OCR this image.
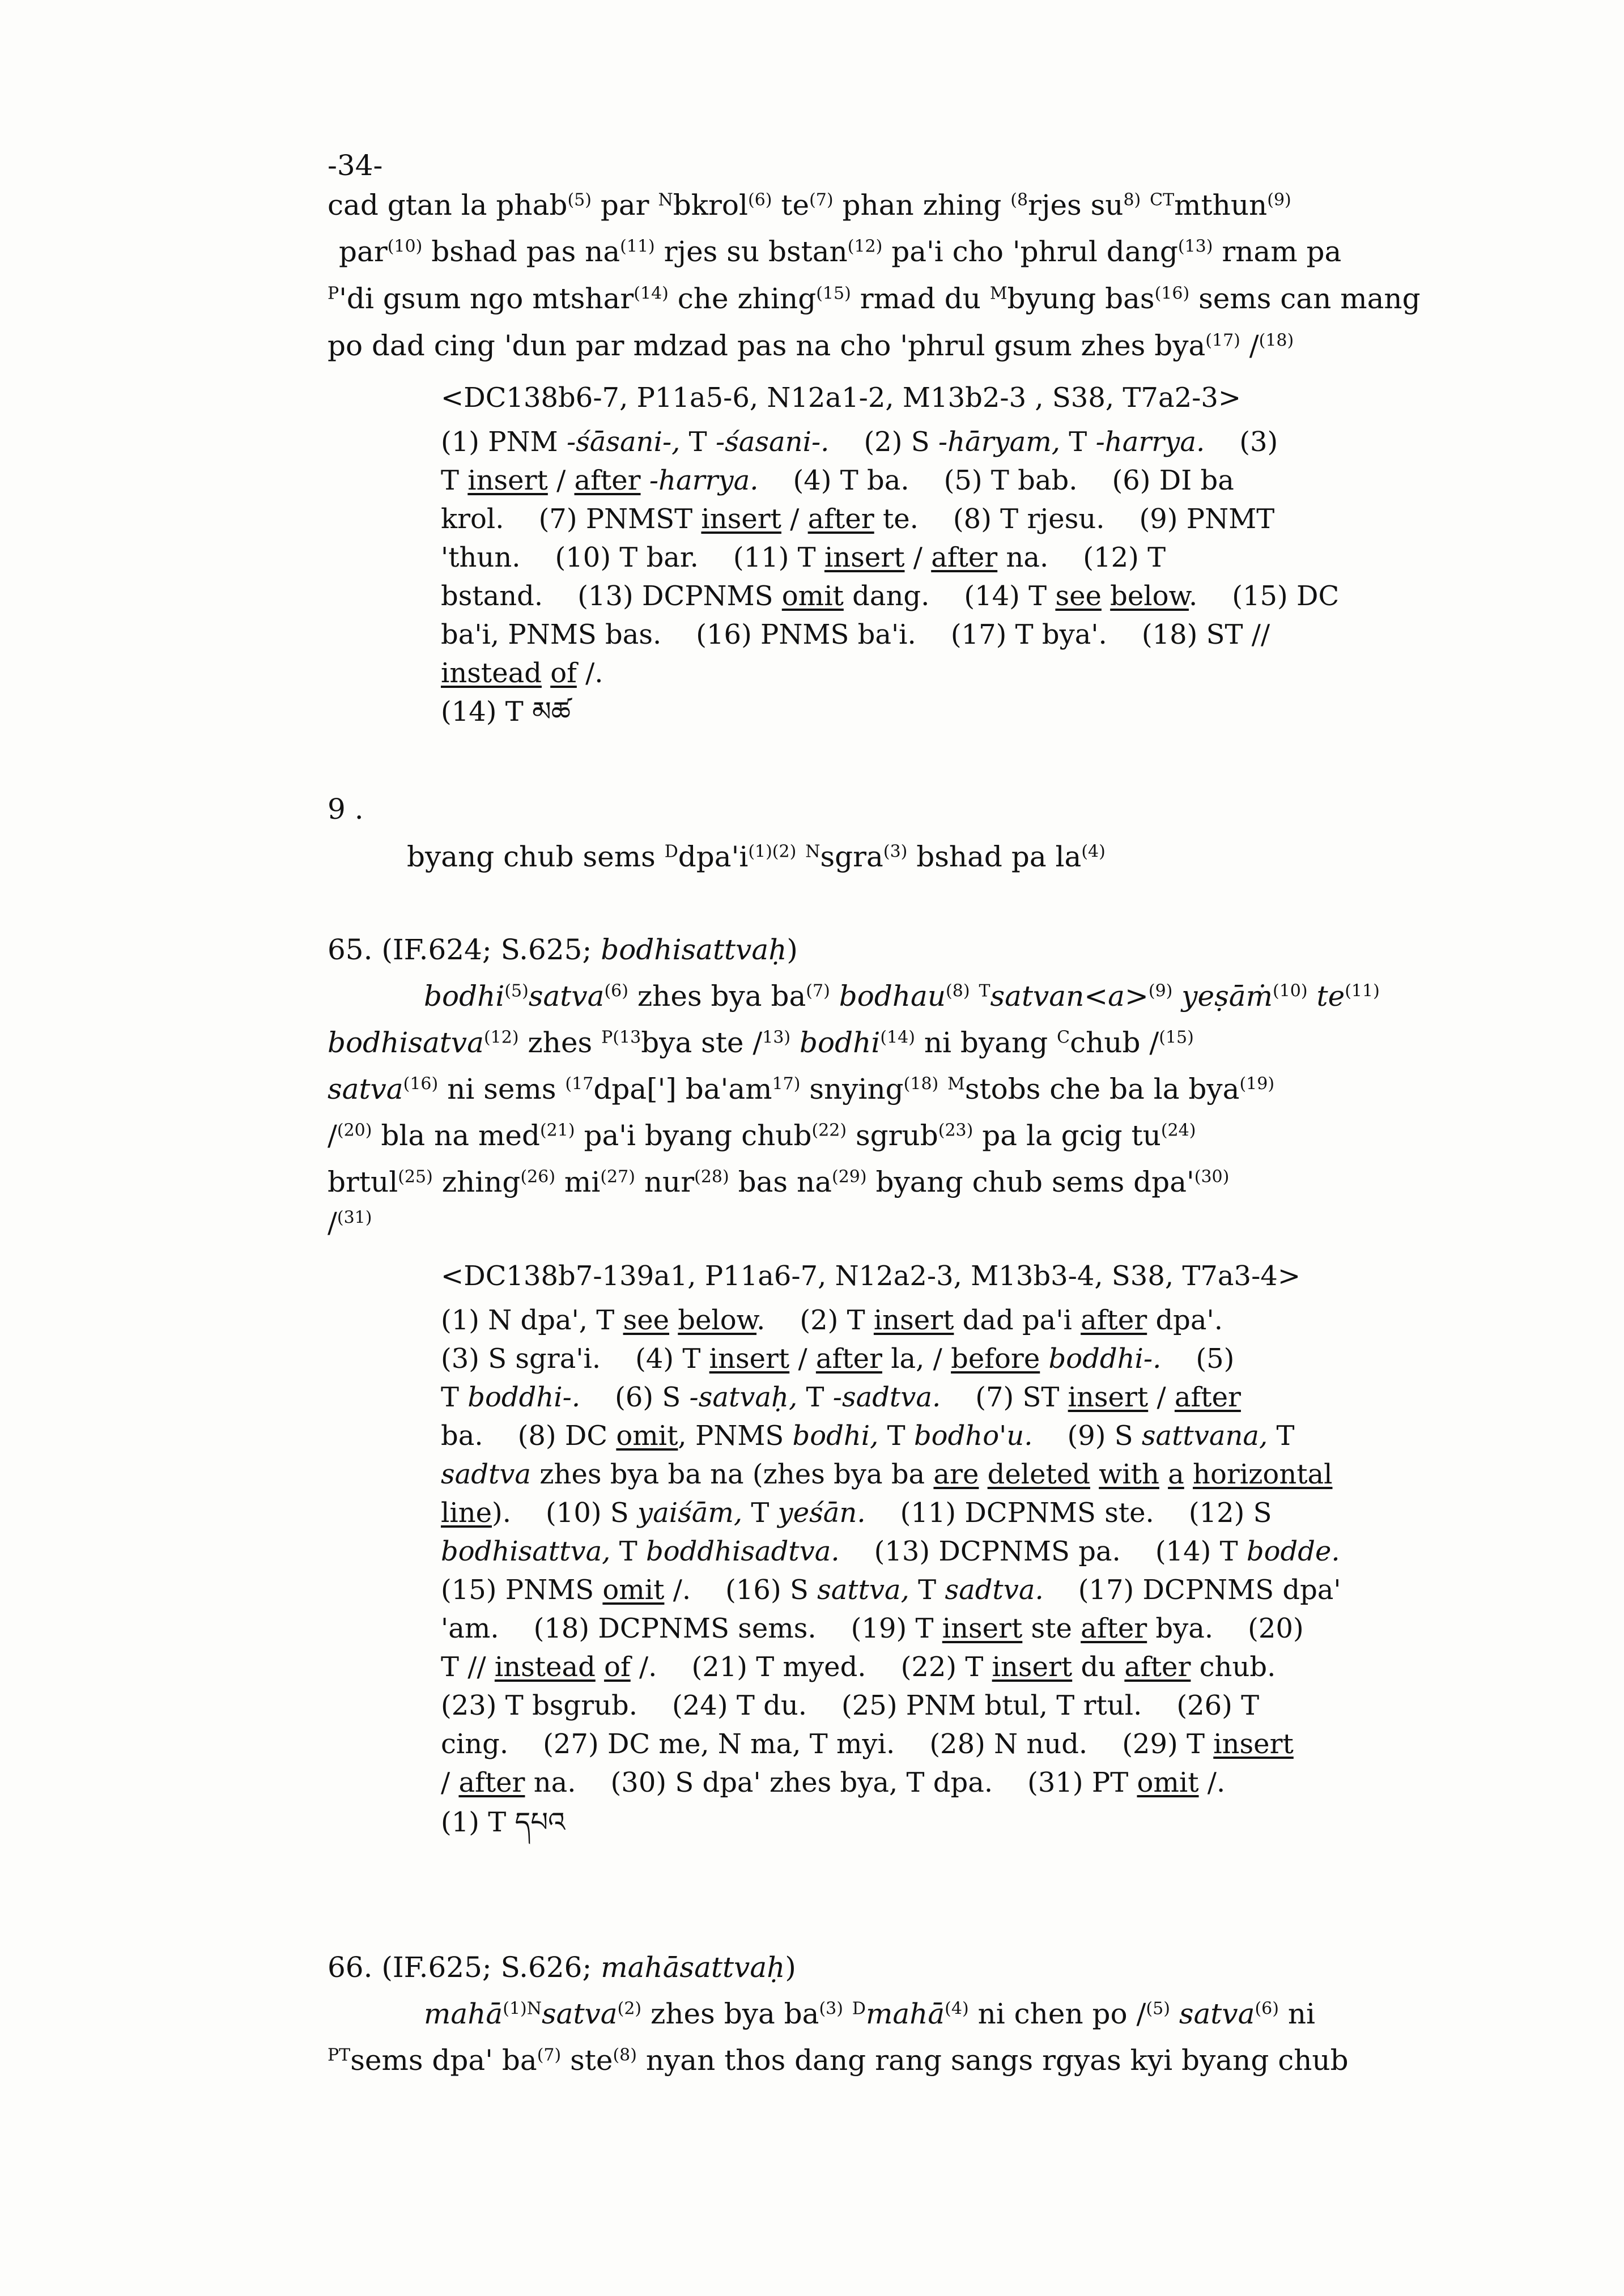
-34-
cad gtan la phab$^{(5)}$ par $^N$bkrol$^{(6)}$ $te^{(7)}$ phan zhing $^{(8}$rjes $su^{8)}$ $^{CT}$mthun$^{(9)}$
par$^{(10)}$ bshad pas $na^{(11)}$ rjes su bstan$^{(12)}$ pa'i cho 'phrul dang$^{(13)}$ rnam pa
$^P$'di gsum ngo mtshar$^{(14)}$ che zhing$^{(15)}$ rmad du $^M$byung bas$^{(16)}$ sems can mang
po dad cing 'dun par mdzad pas na cho 'phrul gsum zhes bya$^{(17)}$ /$^{(18)}$
<DC138b6-7, P11a5-6, N12a1-2, M13b2-3 , S38, T7a2-3>
(1) PNM -śāsani-, T -śasani-.    (2) S -hāryam, T -harrya.    (3)
T insert / after -harrya.    (4) T ba.    (5) T bab.    (6) DI ba
krol.    (7) PNMST insert / after te.    (8) T rjesu.    (9) PNMT
'thun.    (10) T bar.    (11) T insert / after na.    (12) T
bstand.    (13) DCPNMS omit dang.    (14) T see below.    (15) DC
ba'i, PNMS bas.    (16) PNMS ba'i.    (17) T bya'.    (18) ST //
instead of /.
(14) T མཚ
9 .
byang chub sems $^Ddpa'i^{(1)(2)}$ $^N$sgra$^{(3)}$ bshad pa $la^{(4)}$
65. (IF.624; S.625; bodhisattvaḥ)
bodhi$^{(5)}$satva$^{(6)}$ zhes bya $ba^{(7)}$ bodhau$^{(8)}$ $^T$satvan<a>$^{(9)}$ yeṣāṁ$^{(10)}$ $te^{(11)}$
bodhisatva$^{(12)}$ zhes $^{P(13}$bya ste /$^{13)}$ bodhi$^{(14)}$ ni byang $^C$chub /$^{(15)}$
satva$^{(16)}$ ni sems $^{(17}$dpa['] $ba'am^{17)}$ snying$^{(18)}$ $^M$stobs che ba la bya$^{(19)}$
/$^{(20)}$ bla na med$^{(21)}$ pa'i byang chub$^{(22)}$ sgrub$^{(23)}$ pa la gcig $tu^{(24)}$
brtul$^{(25)}$ zhing$^{(26)}$ $mi^{(27)}$ nur$^{(28)}$ bas $na^{(29)}$ byang chub sems $dpa'^{(30)}$
/$^{(31)}$
<DC138b7-139a1, P11a6-7, N12a2-3, M13b3-4, S38, T7a3-4>
(1) N dpa', T see below.    (2) T insert dad pa'i after dpa'.
(3) S sgra'i.    (4) T insert / after la, / before boddhi-.    (5)
T boddhi-.    (6) S -satvaḥ, T -sadtva.    (7) ST insert / after
ba.    (8) DC omit, PNMS bodhi, T bodho'u.    (9) S sattvana, T
sadtva zhes bya ba na (zhes bya ba are deleted with a horizontal
line).    (10) S yaiśām, T yeśān.    (11) DCPNMS ste.    (12) S
bodhisattva, T boddhisadtva.    (13) DCPNMS pa.    (14) T bodde.
(15) PNMS omit /.    (16) S sattva, T sadtva.    (17) DCPNMS dpa'
'am.    (18) DCPNMS sems.    (19) T insert ste after bya.    (20)
T // instead of /.    (21) T myed.    (22) T insert du after chub.
(23) T bsgrub.    (24) T du.    (25) PNM btul, T rtul.    (26) T
cing.    (27) DC me, N ma, T myi.    (28) N nud.    (29) T insert
/ after na.    (30) S dpa' zhes bya, T dpa.    (31) PT omit /.
(1) T དཔའ
66. (IF.625; S.626; mahāsattvaḥ)
mahā$^{(1)N}$satva$^{(2)}$ zhes bya $ba^{(3)}$ $^D$mahā$^{(4)}$ ni chen po /$^{(5)}$ satva$^{(6)}$ ni
$^{PT}$sems dpa' $ba^{(7)}$ ste$^{(8)}$ nyan thos dang rang sangs rgyas kyi byang chub
